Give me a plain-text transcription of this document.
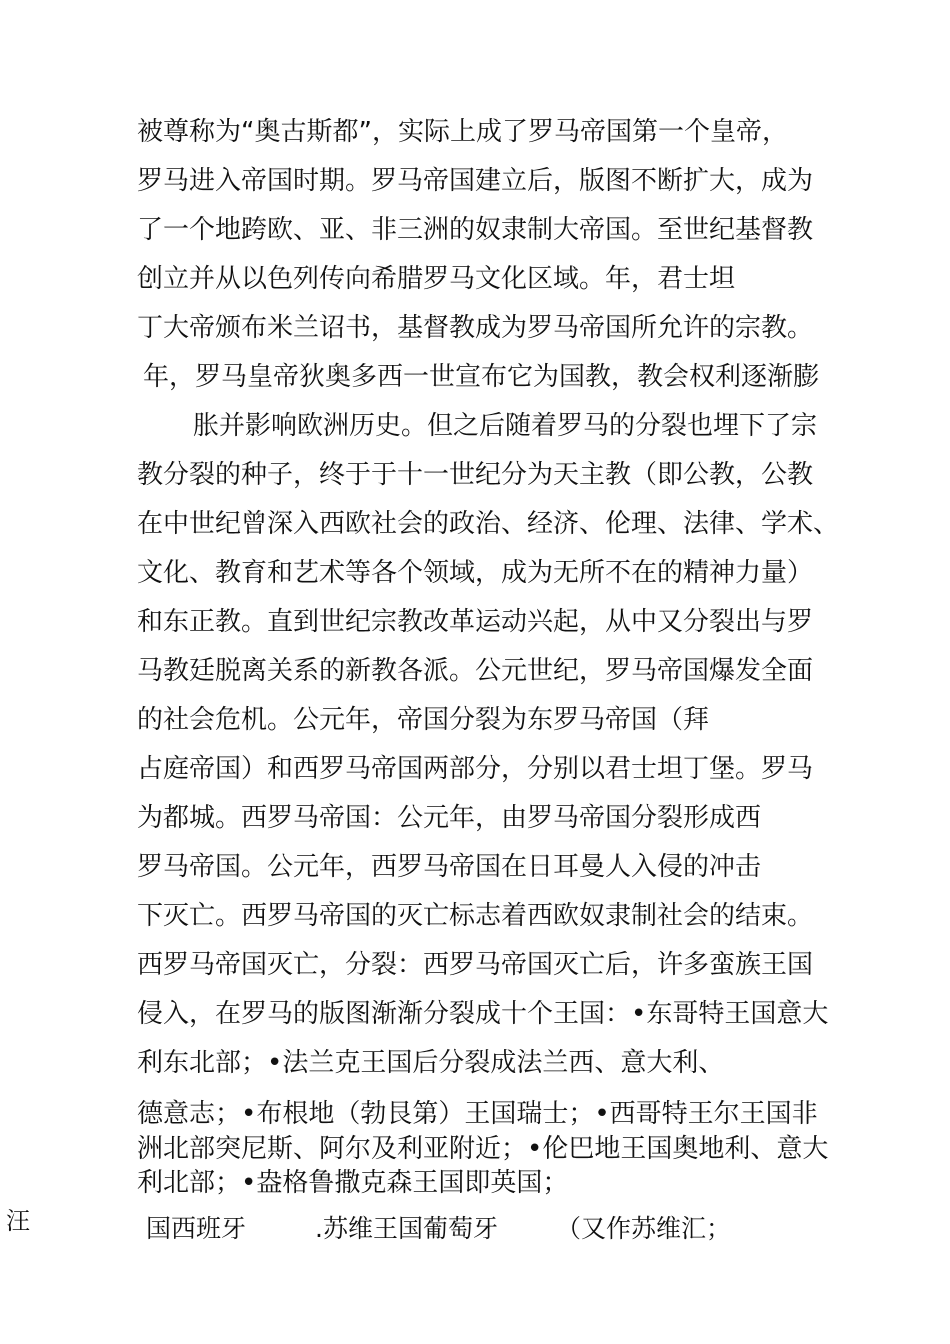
被尊称为“奥古斯都”，实际上成了罗马帝国第一个皇帝，
罗马进入帝国时期。罗马帝国建立后，版图不断扩大，成为
了一个地跨欧、亚、非三洲的奴隶制大帝国。至世纪基督教
创立并从以色列传向希腊罗马文化区域。年，君士坦
丁大帝颁布米兰诏书，基督教成为罗马帝国所允许的宗教。
年，罗马皇帝狄奥多西一世宣布它为国教，教会权利逐渐膨
胀并影响欧洲历史。但之后随着罗马的分裂也埋下了宗
教分裂的种子，终于于十一世纪分为天主教（即公教，公教
在中世纪曾深入西欧社会的政治、经济、伦理、法律、学术、
文化、教育和艺术等各个领域，成为无所不在的精神力量）
和东正教。直到世纪宗教改革运动兴起，从中又分裂出与罗
马教廷脱离关系的新教各派。公元世纪，罗马帝国爆发全面
的社会危机。公元年，帝国分裂为东罗马帝国（拜
占庭帝国）和西罗马帝国两部分，分别以君士坦丁堡。罗马
为都城。西罗马帝国：公元年，由罗马帝国分裂形成西
罗马帝国。公元年，西罗马帝国在日耳曼人入侵的冲击
下灭亡。西罗马帝国的灭亡标志着西欧奴隶制社会的结束。
西罗马帝国灭亡，分裂：西罗马帝国灭亡后，许多蛮族王国
侵入，在罗马的版图渐渐分裂成十个王国：•东哥特王国意大
利东北部；•法兰克王国后分裂成法兰西、意大利、
德意志；•布根地（勃艮第）王国瑞士；•西哥特王尔王国非
洲北部突尼斯、阿尔及利亚附近；•伦巴地王国奥地利、意大
利北部；•盎格鲁撒克森王国即英国；
汪	国西班牙	.苏维王国葡萄牙 （又作苏维汇；
